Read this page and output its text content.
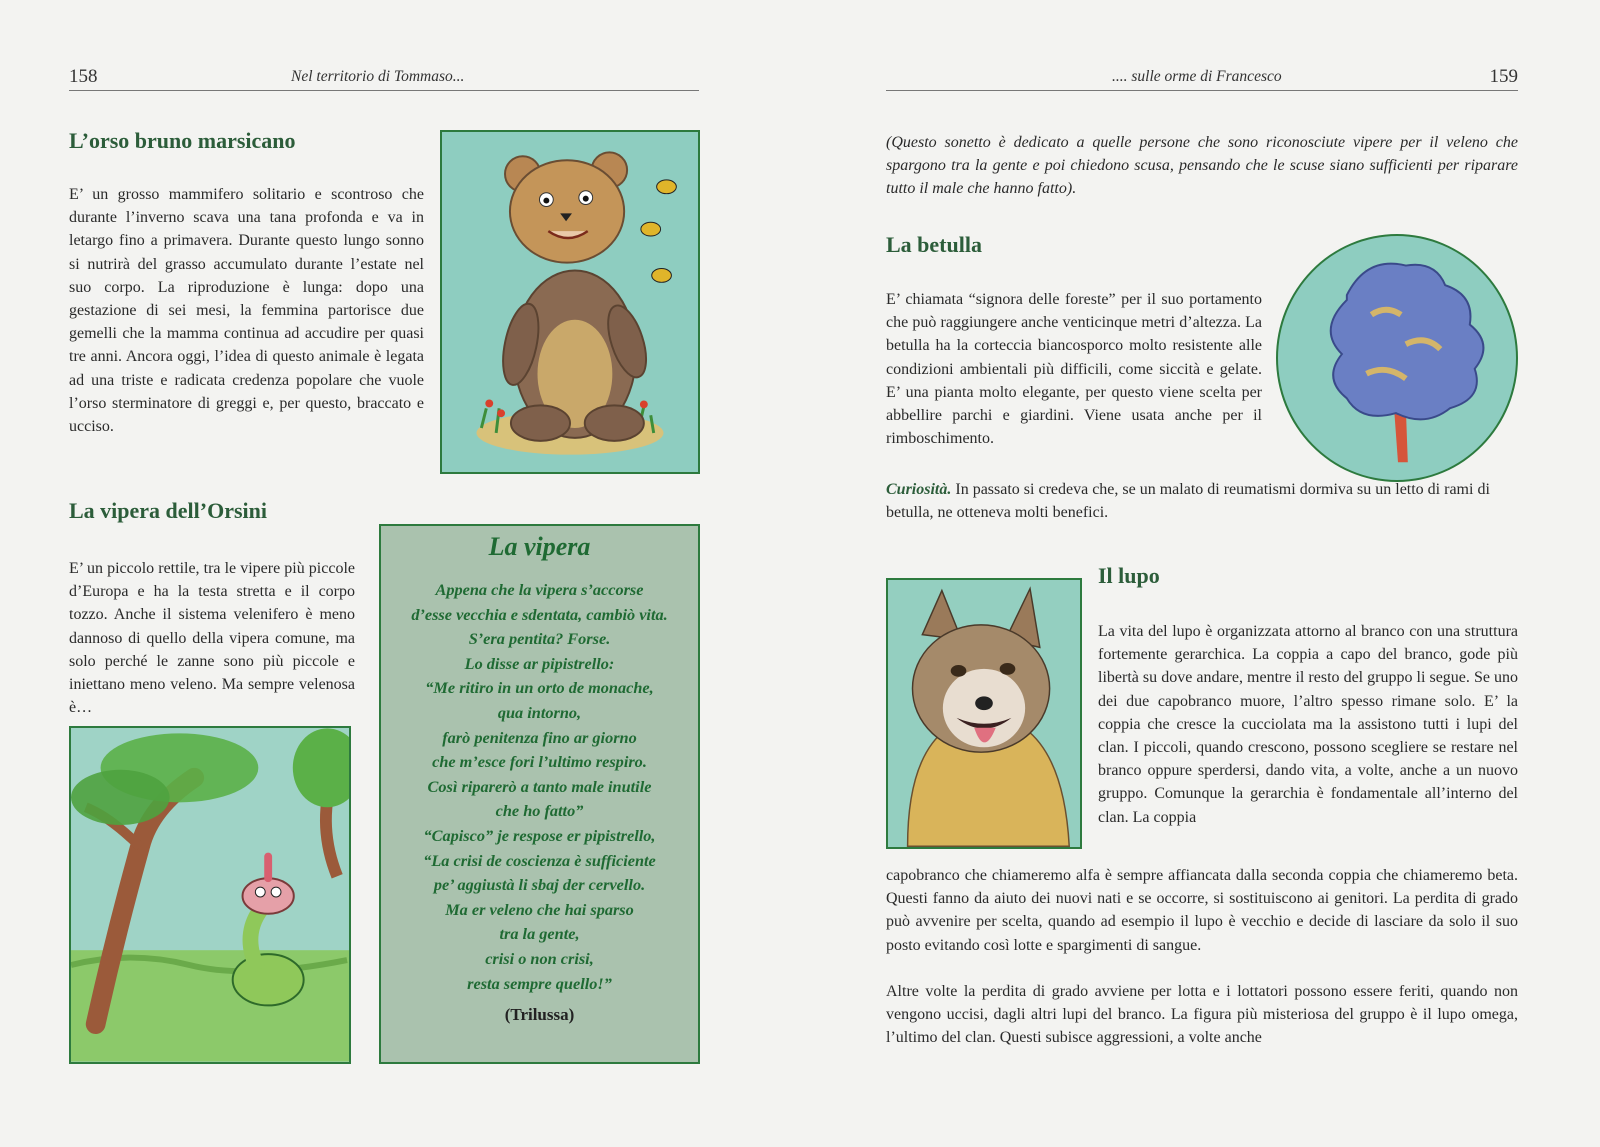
158	Nel territorio di Tommaso...
L’orso bruno marsicano

E’ un grosso mammifero solitario e scontroso che durante l’inverno scava una tana profonda e va in letargo fino a primavera. Durante questo lungo sonno si nutrirà del grasso accumulato durante l’estate nel suo corpo. La riproduzione è lunga: dopo una gestazione di sei mesi, la femmina partorisce due gemelli che la mamma continua ad accudire per quasi tre anni. Ancora oggi, l’idea di questo animale è legata ad una triste e radicata credenza popolare che vuole l’orso sterminatore di greggi e, per questo, braccato e ucciso.

La vipera dell’Orsini

E’ un piccolo rettile, tra le vipere più piccole d’Europa e ha la testa stretta e il corpo tozzo. Anche il sistema velenifero è meno dannoso di quello della vipera comune, ma solo perché le zanne sono più piccole e iniettano meno veleno. Ma sempre velenosa è…

La vipera
Appena che la vipera s’accorse
d’esse vecchia e sdentata, cambiò vita.
S’era pentita? Forse.
Lo disse ar pipistrello:
“Me ritiro in un orto de monache,
qua intorno,
farò penitenza fino ar giorno
che m’esce fori l’ultimo respiro.
Così riparerò a tanto male inutile
che ho fatto”
“Capisco” je respose er pipistrello,
“La crisi de coscienza è sufficiente
pe’ aggiustà li sbaj der cervello.
Ma er veleno che hai sparso
tra la gente,
crisi o non crisi,
resta sempre quello!”
(Trilussa)
.... sulle orme di Francesco	159

(Questo sonetto è dedicato a quelle persone che sono riconosciute vipere per il veleno che spargono tra la gente e poi chiedono scusa, pensando che le scuse siano sufficienti per riparare tutto il male che hanno fatto).

La betulla

E’ chiamata “signora delle foreste” per il suo portamento che può raggiungere anche venticinque metri d’altezza. La betulla ha la corteccia biancosporco molto resistente alle condizioni ambientali più difficili, come siccità e gelate. E’ una pianta molto elegante, per questo viene scelta per abbellire parchi e giardini. Viene usata anche per il rimboschimento.

Curiosità. In passato si credeva che, se un malato di reumatismi dormiva su un letto di rami di betulla, ne otteneva molti benefici.

Il lupo

La vita del lupo è organizzata attorno al branco con una struttura fortemente gerarchica. La coppia a capo del branco, gode più libertà su dove andare, mentre il resto del gruppo li segue. Se uno dei due capobranco muore, l’altro spesso rimane solo. E’ la coppia che cresce la cucciolata ma la assistono tutti i lupi del clan. I piccoli, quando crescono, possono scegliere se restare nel branco oppure sperdersi, dando vita, a volte, anche a un nuovo gruppo. Comunque la gerarchia è fondamentale all’interno del clan. La coppia

capobranco che chiameremo alfa è sempre affiancata dalla seconda coppia che chiameremo beta. Questi fanno da aiuto dei nuovi nati e se occorre, si sostituiscono ai genitori. La perdita di grado può avvenire per scelta, quando ad esempio il lupo è vecchio e decide di lasciare da solo il suo posto evitando così lotte e spargimenti di sangue.

Altre volte la perdita di grado avviene per lotta e i lottatori possono essere feriti, quando non vengono uccisi, dagli altri lupi del branco. La figura più misteriosa del gruppo è il lupo omega, l’ultimo del clan. Questi subisce aggressioni, a volte anche
